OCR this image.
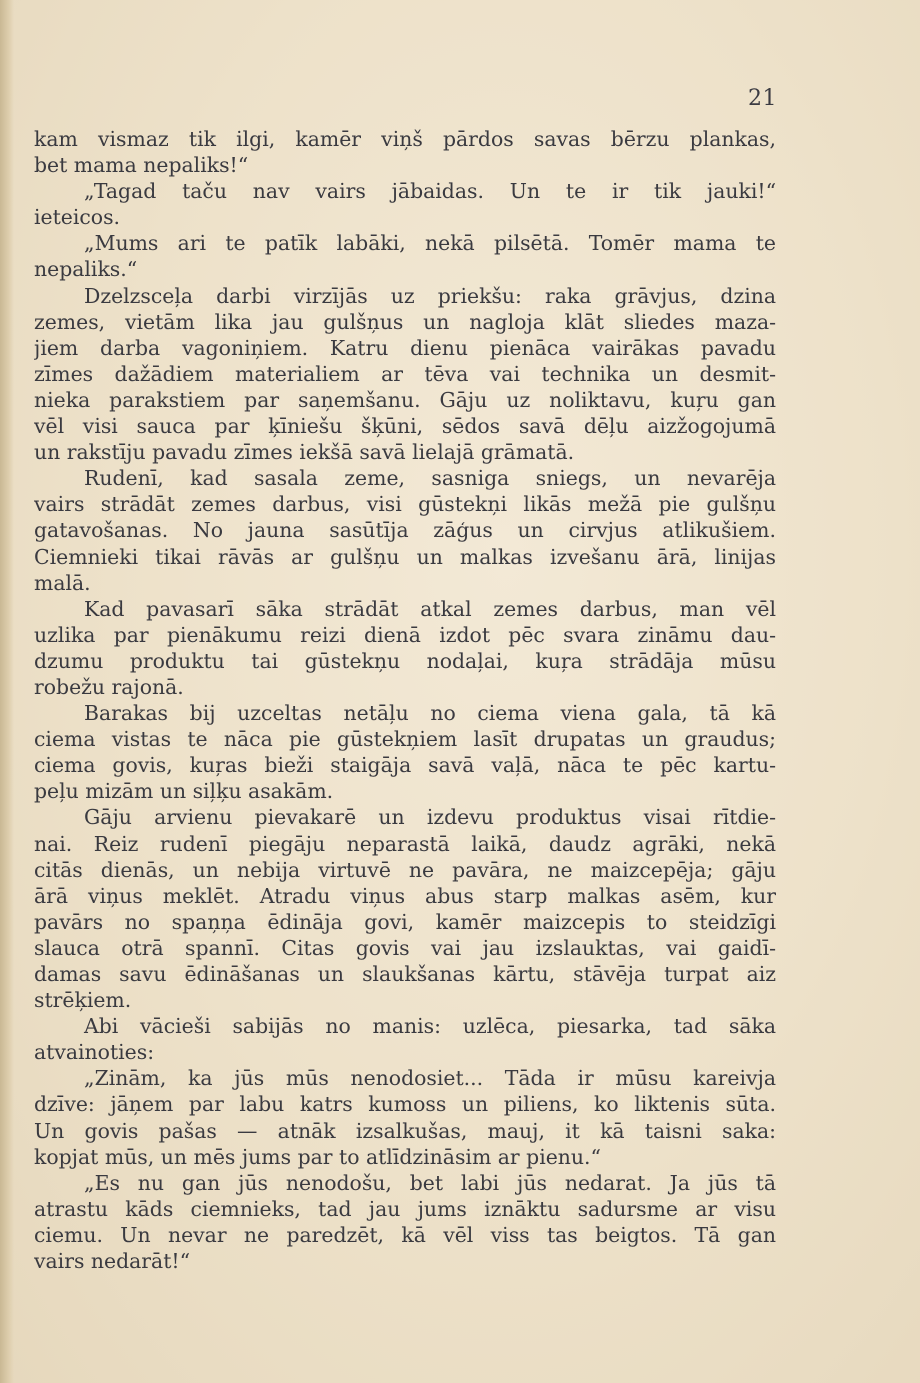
21
kam vismaz tik ilgi, kamēr viņš pārdos savas bērzu plankas,
bet mama nepaliks!“
„Tagad taču nav vairs jābaidas. Un te ir tik jauki!“
ieteicos.
„Mums ari te patīk labāki, nekā pilsētā. Tomēr mama te
nepaliks.“
Dzelzsceļa darbi virzījās uz priekšu: raka grāvjus, dzina
zemes, vietām lika jau gulšņus un nagloja klāt sliedes maza-
jiem darba vagoniņiem. Katru dienu pienāca vairākas pavadu
zīmes dažādiem materialiem ar tēva vai technika un desmit-
nieka parakstiem par saņemšanu. Gāju uz noliktavu, kuŗu gan
vēl visi sauca par ķīniešu šķūni, sēdos savā dēļu aizžogojumā
un rakstīju pavadu zīmes iekšā savā lielajā grāmatā.
Rudenī, kad sasala zeme, sasniga sniegs, un nevarēja
vairs strādāt zemes darbus, visi gūstekņi likās mežā pie gulšņu
gatavošanas. No jauna sasūtīja zāģus un cirvjus atlikušiem.
Ciemnieki tikai rāvās ar gulšņu un malkas izvešanu ārā, linijas
malā.
Kad pavasarī sāka strādāt atkal zemes darbus, man vēl
uzlika par pienākumu reizi dienā izdot pēc svara zināmu dau-
dzumu produktu tai gūstekņu nodaļai, kuŗa strādāja mūsu
robežu rajonā.
Barakas bij uzceltas netāļu no ciema viena gala, tā kā
ciema vistas te nāca pie gūstekņiem lasīt drupatas un graudus;
ciema govis, kuŗas bieži staigāja savā vaļā, nāca te pēc kartu-
peļu mizām un siļķu asakām.
Gāju arvienu pievakarē un izdevu produktus visai rītdie-
nai. Reiz rudenī piegāju neparastā laikā, daudz agrāki, nekā
citās dienās, un nebija virtuvē ne pavāra, ne maizcepēja; gāju
ārā viņus meklēt. Atradu viņus abus starp malkas asēm, kur
pavārs no spaņņa ēdināja govi, kamēr maizcepis to steidzīgi
slauca otrā spannī. Citas govis vai jau izslauktas, vai gaidī-
damas savu ēdināšanas un slaukšanas kārtu, stāvēja turpat aiz
strēķiem.
Abi vācieši sabijās no manis: uzlēca, piesarka, tad sāka
atvainoties:
„Zinām, ka jūs mūs nenodosiet... Tāda ir mūsu kareivja
dzīve: jāņem par labu katrs kumoss un piliens, ko liktenis sūta.
Un govis pašas — atnāk izsalkušas, mauj, it kā taisni saka:
kopjat mūs, un mēs jums par to atlīdzināsim ar pienu.“
„Es nu gan jūs nenodošu, bet labi jūs nedarat. Ja jūs tā
atrastu kāds ciemnieks, tad jau jums iznāktu sadursme ar visu
ciemu. Un nevar ne paredzēt, kā vēl viss tas beigtos. Tā gan
vairs nedarāt!“
